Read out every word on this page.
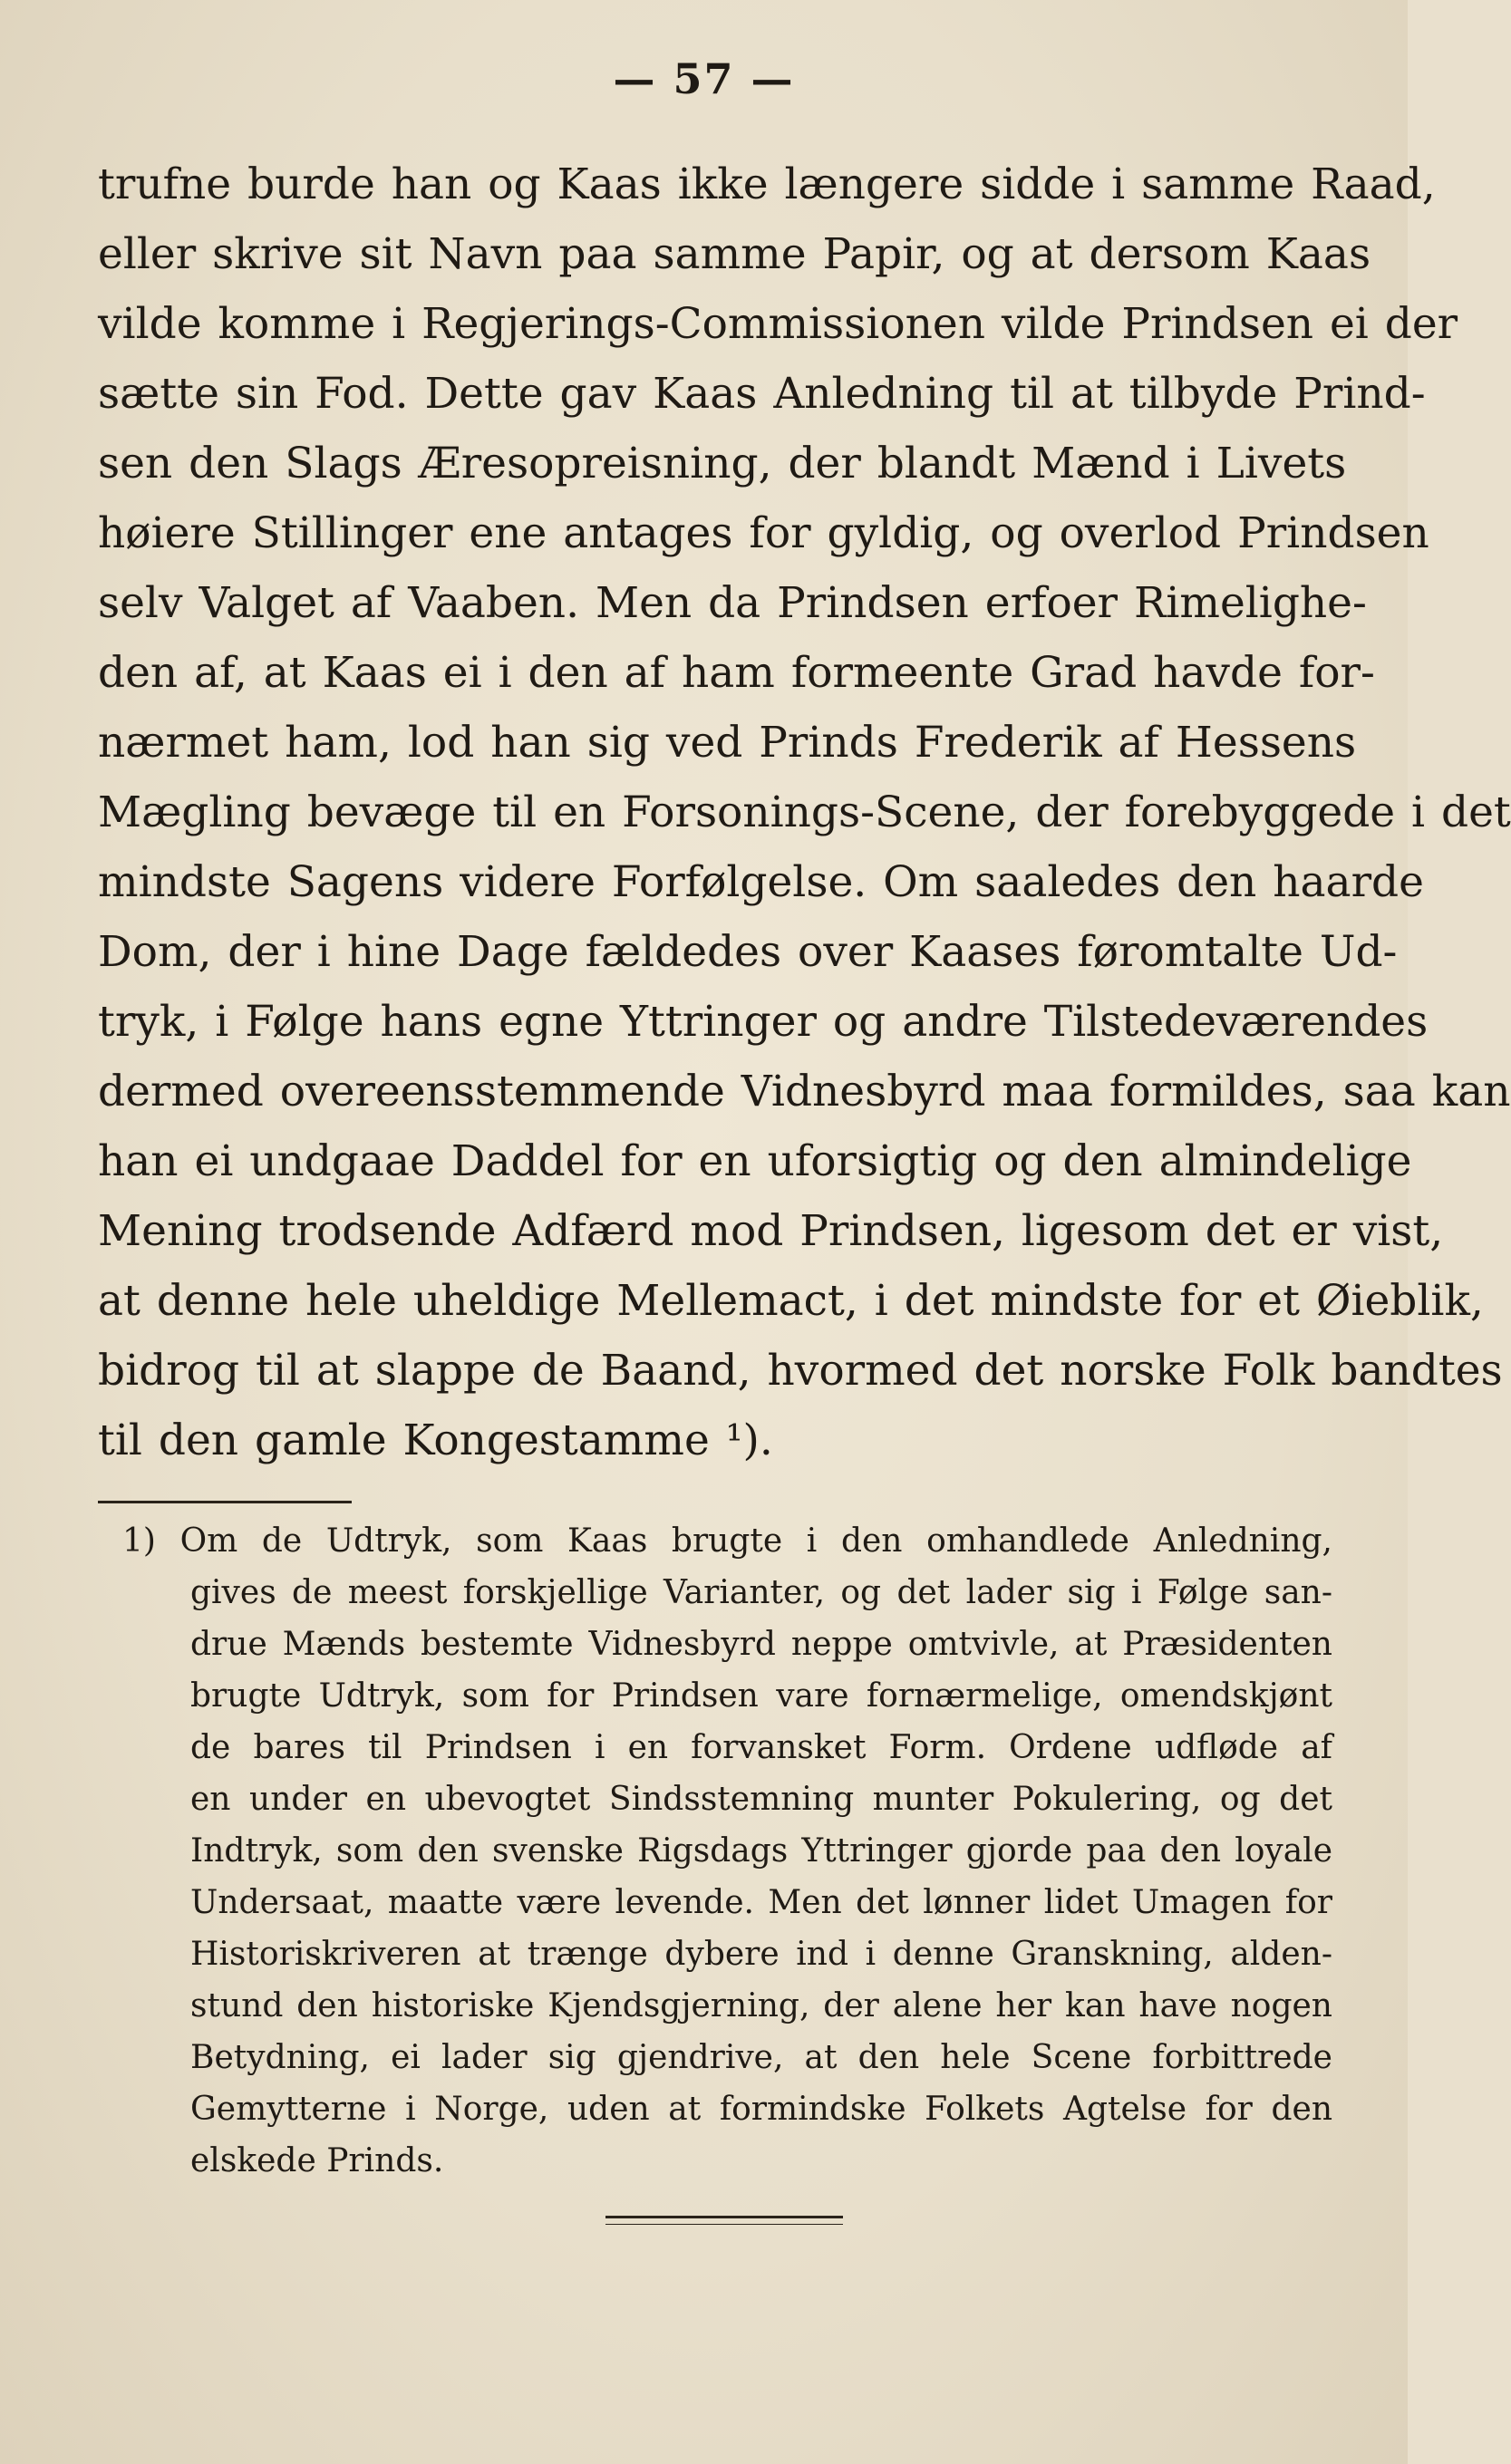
— 57 —
trufne burde han og Kaas ikke længere sidde i samme Raad,
eller skrive sit Navn paa samme Papir, og at dersom Kaas
vilde komme i Regjerings-Commissionen vilde Prindsen ei der
sætte sin Fod. Dette gav Kaas Anledning til at tilbyde Prind-
sen den Slags Æresopreisning, der blandt Mænd i Livets
høiere Stillinger ene antages for gyldig, og overlod Prindsen
selv Valget af Vaaben. Men da Prindsen erfoer Rimelighe-
den af, at Kaas ei i den af ham formeente Grad havde for-
nærmet ham, lod han sig ved Prinds Frederik af Hessens
Mægling bevæge til en Forsonings-Scene, der forebyggede i det
mindste Sagens videre Forfølgelse. Om saaledes den haarde
Dom, der i hine Dage fældedes over Kaases føromtalte Ud-
tryk, i Følge hans egne Yttringer og andre Tilstedeværendes
dermed overeensstemmende Vidnesbyrd maa formildes, saa kan
han ei undgaae Daddel for en uforsigtig og den almindelige
Mening trodsende Adfærd mod Prindsen, ligesom det er vist,
at denne hele uheldige Mellemact, i det mindste for et Øieblik,
bidrog til at slappe de Baand, hvormed det norske Folk bandtes
til den gamle Kongestamme ¹).
1) Om de Udtryk, som Kaas brugte i den omhandlede Anledning,
gives de meest forskjellige Varianter, og det lader sig i Følge san-
drue Mænds bestemte Vidnesbyrd neppe omtvivle, at Præsidenten
brugte Udtryk, som for Prindsen vare fornærmelige, omendskjønt
de bares til Prindsen i en forvansket Form. Ordene udfløde af
en under en ubevogtet Sindsstemning munter Pokulering, og det
Indtryk, som den svenske Rigsdags Yttringer gjorde paa den loyale
Undersaat, maatte være levende. Men det lønner lidet Umagen for
Historiskriveren at trænge dybere ind i denne Granskning, alden-
stund den historiske Kjendsgjerning, der alene her kan have nogen
Betydning, ei lader sig gjendrive, at den hele Scene forbittrede
Gemytterne i Norge, uden at formindske Folkets Agtelse for den
elskede Prinds.
